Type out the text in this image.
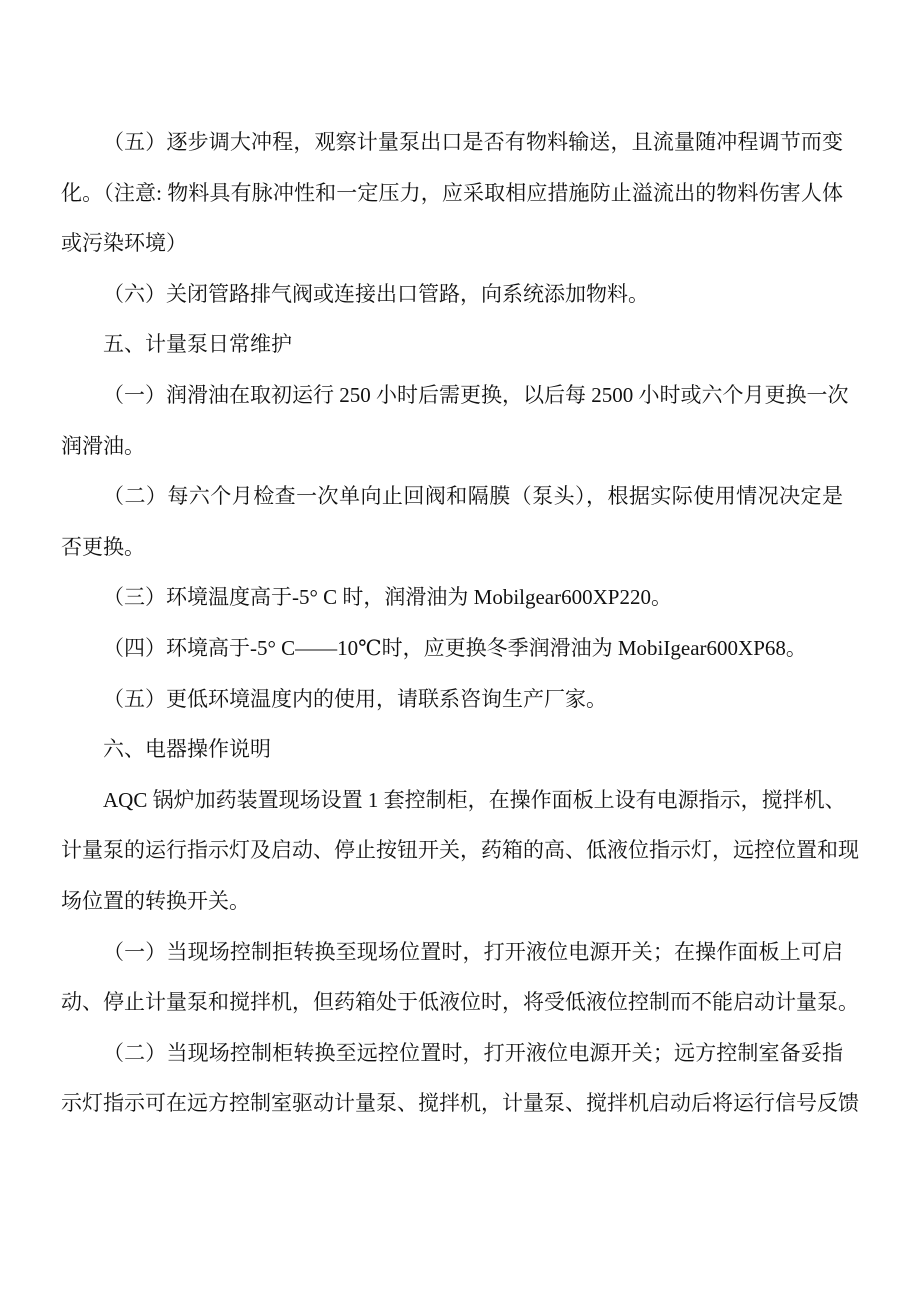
（五）逐步调大冲程，观察计量泵出口是否有物料输送，且流量随冲程调节而变
化。（注意: 物料具有脉冲性和一定压力，应采取相应措施防止溢流出的物料伤害人体
或污染环境）
（六）关闭管路排气阀或连接出口管路，向系统添加物料。
五、计量泵日常维护
（一）润滑油在取初运行 250 小时后需更换，以后每 2500 小时或六个月更换一次
润滑油。
（二）每六个月检查一次单向止回阀和隔膜（泵头），根据实际使用情况决定是
否更换。
（三）环境温度高于-5° C 时，润滑油为 Mobilgear600XP220。
（四）环境高于-5° C——10℃时，应更换冬季润滑油为 MobiIgear600XP68。
（五）更低环境温度内的使用，请联系咨询生产厂家。
六、电器操作说明
AQC 锅炉加药装置现场设置 1 套控制柜，在操作面板上设有电源指示，搅拌机、
计量泵的运行指示灯及启动、停止按钮开关，药箱的高、低液位指示灯，远控位置和现
场位置的转换开关。
（一）当现场控制拒转换至现场位置时，打开液位电源开关；在操作面板上可启
动、停止计量泵和搅拌机，但药箱处于低液位时，将受低液位控制而不能启动计量泵。
（二）当现场控制柜转换至远控位置时，打开液位电源开关；远方控制室备妥指
示灯指示可在远方控制室驱动计量泵、搅拌机，计量泵、搅拌机启动后将运行信号反馈
